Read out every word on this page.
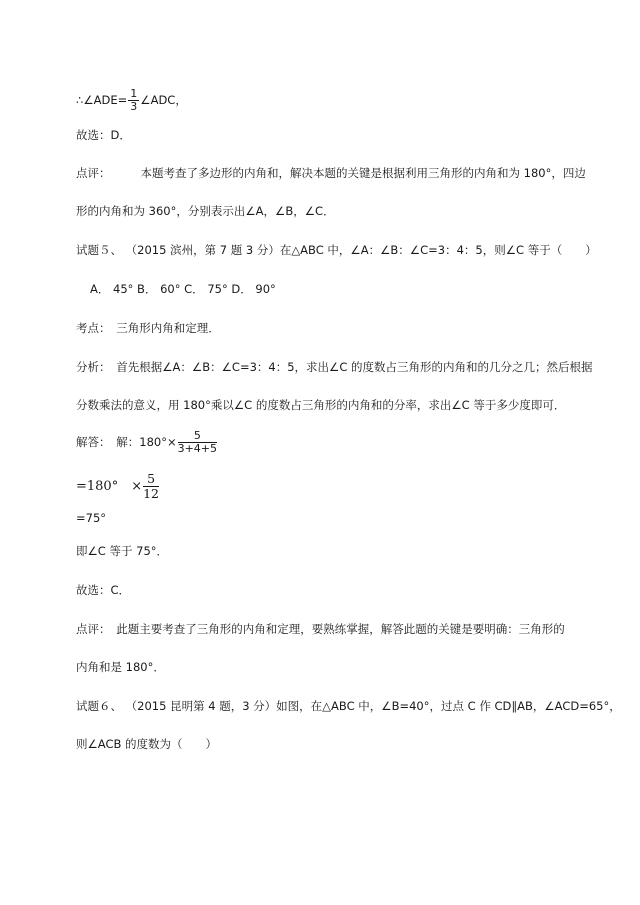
∴∠ADE= $\frac{1}{3}$ ∠ADC，
故选：D．
点评：	本题考查了多边形的内角和，解决本题的关键是根据利用三角形的内角和为 180°，四边
形的内角和为 360°，分别表示出∠A，∠B，∠C．
试题５、 （2015 滨州，第 7 题 3 分）在△ABC 中，∠A：∠B：∠C=3：4：5，则∠C 等于（　　）
A． 45° B． 60° C． 75° D． 90°
考点：　三角形内角和定理．
分析：　首先根据∠A：∠B：∠C=3：4：5，求出∠C 的度数占三角形的内角和的几分之几；然后根据
分数乘法的意义，用 180°乘以∠C 的度数占三角形的内角和的分率，求出∠C 等于多少度即可．
解答：　解：$180^\circ\times \frac{5}{3+4+5}$
=180°　× $\frac{5}{12}$
=75°
即∠C 等于 75°．
故选：C．
点评：　此题主要考查了三角形的内角和定理，要熟练掌握，解答此题的关键是要明确：三角形的
内角和是 180°．
试题６、 （2015 昆明第 4 题，3 分）如图，在△ABC 中，∠B=40°，过点 C 作 CD∥AB，∠ACD=65°，
则∠ACB 的度数为（　　）
